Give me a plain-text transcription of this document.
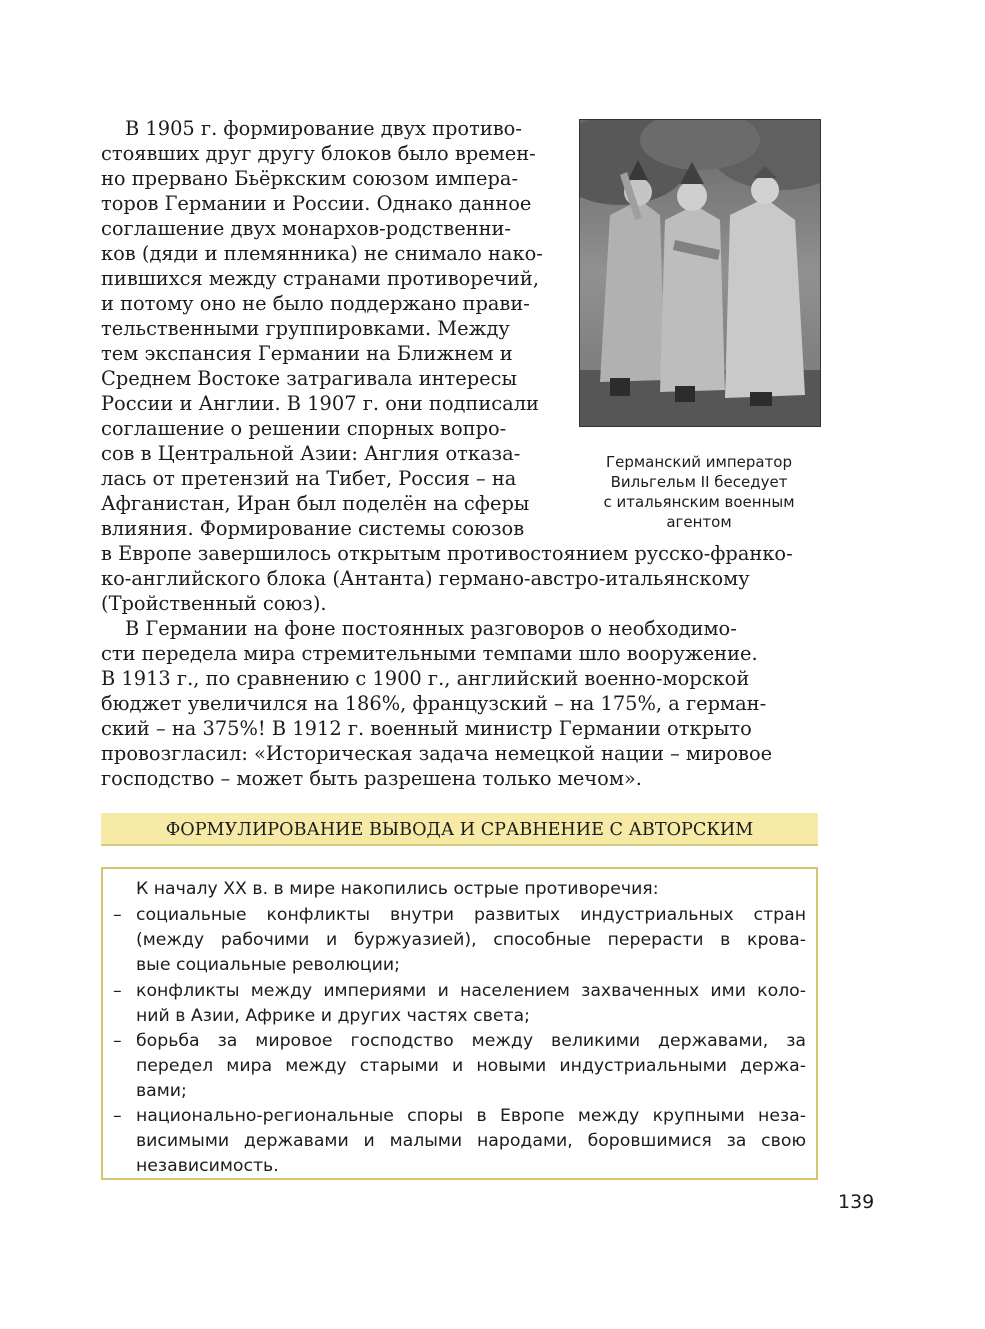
В 1905 г. формирование двух противо-

стоявших друг другу блоков было времен-

но прервано Бьёркским союзом импера-

торов Германии и России. Однако данное

соглашение двух монархов-родственни-

ков (дяди и племянника) не снимало нако-

пившихся между странами противоречий,

и потому оно не было поддержано прави-

тельственными группировками. Между

тем экспансия Германии на Ближнем и

Среднем Востоке затрагивала интересы

России и Англии. В 1907 г. они подписали

соглашение о решении спорных вопро-

сов в Центральной Азии: Англия отказа-

лась от претензий на Тибет, Россия – на

Афганистан, Иран был поделён на сферы

влияния. Формирование системы союзов

в Европе завершилось открытым противостоянием русско-франко-

ко-английского блока (Антанта) германо-австро-итальянскому

(Тройственный союз).

Германский император
Вильгельм II беседует
с итальянским военным
агентом

В Германии на фоне постоянных разговоров о необходимо-

сти передела мира стремительными темпами шло вооружение.

В 1913 г., по сравнению с 1900 г., английский военно-морской

бюджет увеличился на 186%, французский – на 175%, а герман-

ский – на 375%! В 1912 г. военный министр Германии открыто

провозгласил: «Историческая задача немецкой нации – мировое

господство – может быть разрешена только мечом».

ФОРМУЛИРОВАНИЕ ВЫВОДА И СРАВНЕНИЕ С АВТОРСКИМ
К началу XX в. в мире накопились острые противоречия:
– социальные конфликты внутри развитых индустриальных стран
(между рабочими и буржуазией), способные перерасти в крова-
вые социальные революции;
– конфликты между империями и населением захваченных ими коло-
ний в Азии, Африке и других частях света;
– борьба за мировое господство между великими державами, за
передел мира между старыми и новыми индустриальными держа-
вами;
– национально-региональные споры в Европе между крупными неза-
висимыми державами и малыми народами, боровшимися за свою
независимость.
139
